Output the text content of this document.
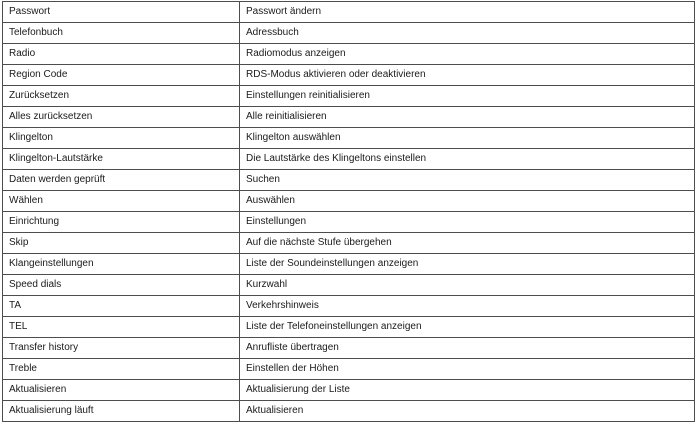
Passwort	Passwort ändern
Telefonbuch	Adressbuch
Radio	Radiomodus anzeigen
Region Code	RDS-Modus aktivieren oder deaktivieren
Zurücksetzen	Einstellungen reinitialisieren
Alles zurücksetzen	Alle reinitialisieren
Klingelton	Klingelton auswählen
Klingelton-Lautstärke	Die Lautstärke des Klingeltons einstellen
Daten werden geprüft	Suchen
Wählen	Auswählen
Einrichtung	Einstellungen
Skip	Auf die nächste Stufe übergehen
Klangeinstellungen	Liste der Soundeinstellungen anzeigen
Speed dials	Kurzwahl
TA	Verkehrshinweis
TEL	Liste der Telefoneinstellungen anzeigen
Transfer history	Anrufliste übertragen
Treble	Einstellen der Höhen
Aktualisieren	Aktualisierung der Liste
Aktualisierung läuft	Aktualisieren
